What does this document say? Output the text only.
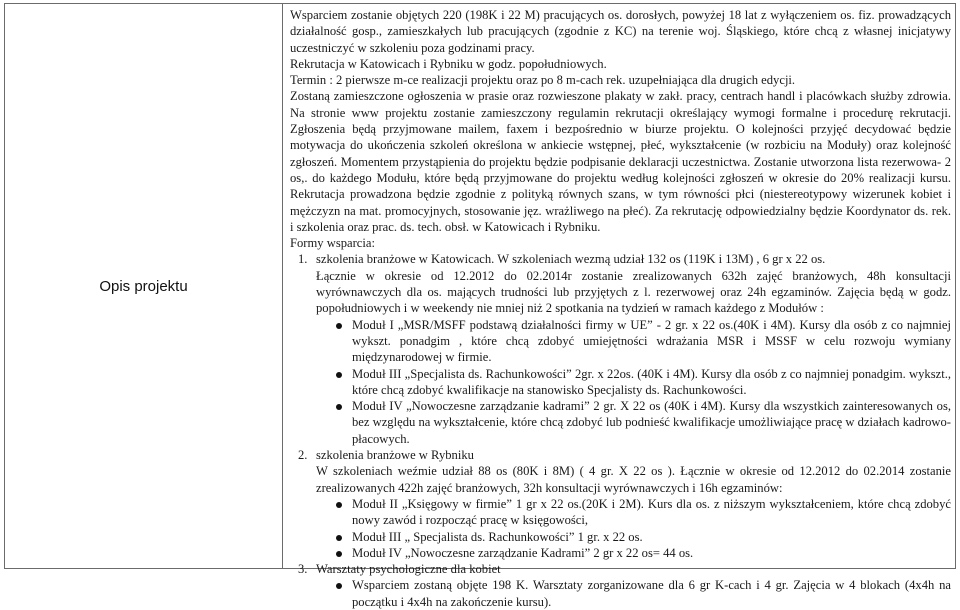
Opis projektu

Wsparciem zostanie objętych 220 (198K i 22 M) pracujących os. dorosłych, powyżej 18 lat z wyłączeniem os. fiz. prowadzących działalność gosp., zamieszkałych lub pracujących (zgodnie z KC) na terenie woj. Śląskiego, które chcą z własnej inicjatywy uczestniczyć w szkoleniu poza godzinami pracy.
Rekrutacja w Katowicach i Rybniku w godz. popołudniowych.
Termin : 2 pierwsze m-ce realizacji projektu oraz po 8 m-cach rek. uzupełniająca dla drugich edycji.
Zostaną zamieszczone ogłoszenia w prasie oraz rozwieszone plakaty w zakł. pracy, centrach handl i placówkach służby zdrowia. Na stronie www projektu zostanie zamieszczony regulamin rekrutacji określający wymogi formalne i procedurę rekrutacji. Zgłoszenia będą przyjmowane mailem, faxem i bezpośrednio w biurze projektu. O kolejności przyjęć decydować będzie motywacja do ukończenia szkoleń określona w ankiecie wstępnej, płeć, wykształcenie (w rozbiciu na Moduły) oraz kolejność zgłoszeń. Momentem przystąpienia do projektu będzie podpisanie deklaracji uczestnictwa. Zostanie utworzona lista rezerwowa- 2 os,. do każdego Modułu, które będą przyjmowane do projektu według kolejności zgłoszeń w okresie do 20% realizacji kursu. Rekrutacja prowadzona będzie zgodnie z polityką równych szans, w tym równości płci (niestereotypowy wizerunek kobiet i mężczyzn na mat. promocyjnych, stosowanie jęz. wrażliwego na płeć). Za rekrutację odpowiedzialny będzie Koordynator ds. rek. i szkolenia oraz prac. ds. tech. obsł. w Katowicach i Rybniku.
Formy wsparcia:

1. szkolenia branżowe w Katowicach. W szkoleniach wezmą udział 132 os (119K i 13M) , 6 gr x 22 os.
Łącznie w okresie od 12.2012 do 02.2014r zostanie zrealizowanych 632h zajęć branżowych, 48h konsultacji wyrównawczych dla os. mających trudności lub przyjętych z l. rezerwowej oraz 24h egzaminów. Zajęcia będą w godz. popołudniowych i w weekendy nie mniej niż 2 spotkania na tydzień w ramach każdego z Modułów :
Moduł I „MSR/MSFF podstawą działalności firmy w UE” - 2 gr. x 22 os.(40K i 4M). Kursy dla osób z co najmniej wykszt. ponadgim , które chcą zdobyć umiejętności wdrażania MSR i MSSF w celu rozwoju wymiany międzynarodowej w firmie.
Moduł III „Specjalista ds. Rachunkowości” 2gr. x 22os. (40K i 4M). Kursy dla osób z co najmniej ponadgim. wykszt., które chcą zdobyć kwalifikacje na stanowisko Specjalisty ds. Rachunkowości.
Moduł IV „Nowoczesne zarządzanie kadrami” 2 gr. X 22 os (40K i 4M). Kursy dla wszystkich zainteresowanych os, bez względu na wykształcenie, które chcą zdobyć lub podnieść kwalifikacje umożliwiające pracę w działach kadrowo-płacowych.
2. szkolenia branżowe w Rybniku
W szkoleniach weźmie udział 88 os (80K i 8M) ( 4 gr. X 22 os ). Łącznie w okresie od 12.2012 do 02.2014 zostanie zrealizowanych 422h zajęć branżowych, 32h konsultacji wyrównawczych i 16h egzaminów:
Moduł II „Księgowy w firmie” 1 gr x 22 os.(20K i 2M). Kurs dla os. z niższym wykształceniem, które chcą zdobyć nowy zawód i rozpocząć pracę w księgowości,
Moduł III „ Specjalista ds. Rachunkowości” 1 gr. x 22 os.
Moduł IV „Nowoczesne zarządzanie Kadrami” 2 gr x 22 os= 44 os.
3. Warsztaty psychologiczne dla kobiet
Wsparciem zostaną objęte 198 K. Warsztaty zorganizowane dla 6 gr K-cach i 4 gr. Zajęcia w 4 blokach (4x4h na początku i 4x4h na zakończenie kursu).
